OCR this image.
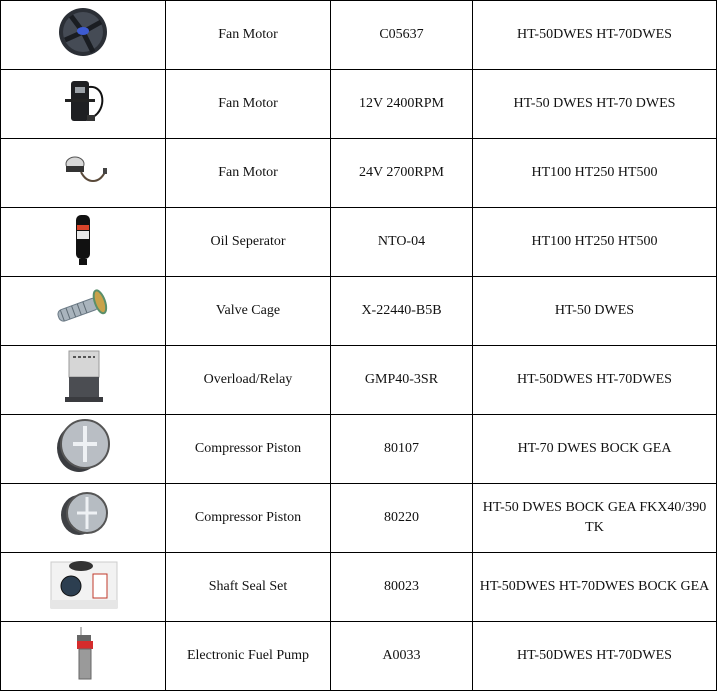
	Fan Motor	C05637	HT-50DWES HT-70DWES
	Fan Motor	12V 2400RPM	HT-50 DWES HT-70 DWES
	Fan Motor	24V 2700RPM	HT100 HT250 HT500
	Oil Seperator	NTO-04	HT100 HT250 HT500
	Valve Cage	X-22440-B5B	HT-50 DWES
	Overload/Relay	GMP40-3SR	HT-50DWES HT-70DWES
	Compressor Piston	80107	HT-70 DWES BOCK GEA
	Compressor Piston	80220	HT-50 DWES BOCK GEA FKX40/390 TK
	Shaft Seal Set	80023	HT-50DWES HT-70DWES BOCK GEA
	Electronic Fuel Pump	A0033	HT-50DWES HT-70DWES
